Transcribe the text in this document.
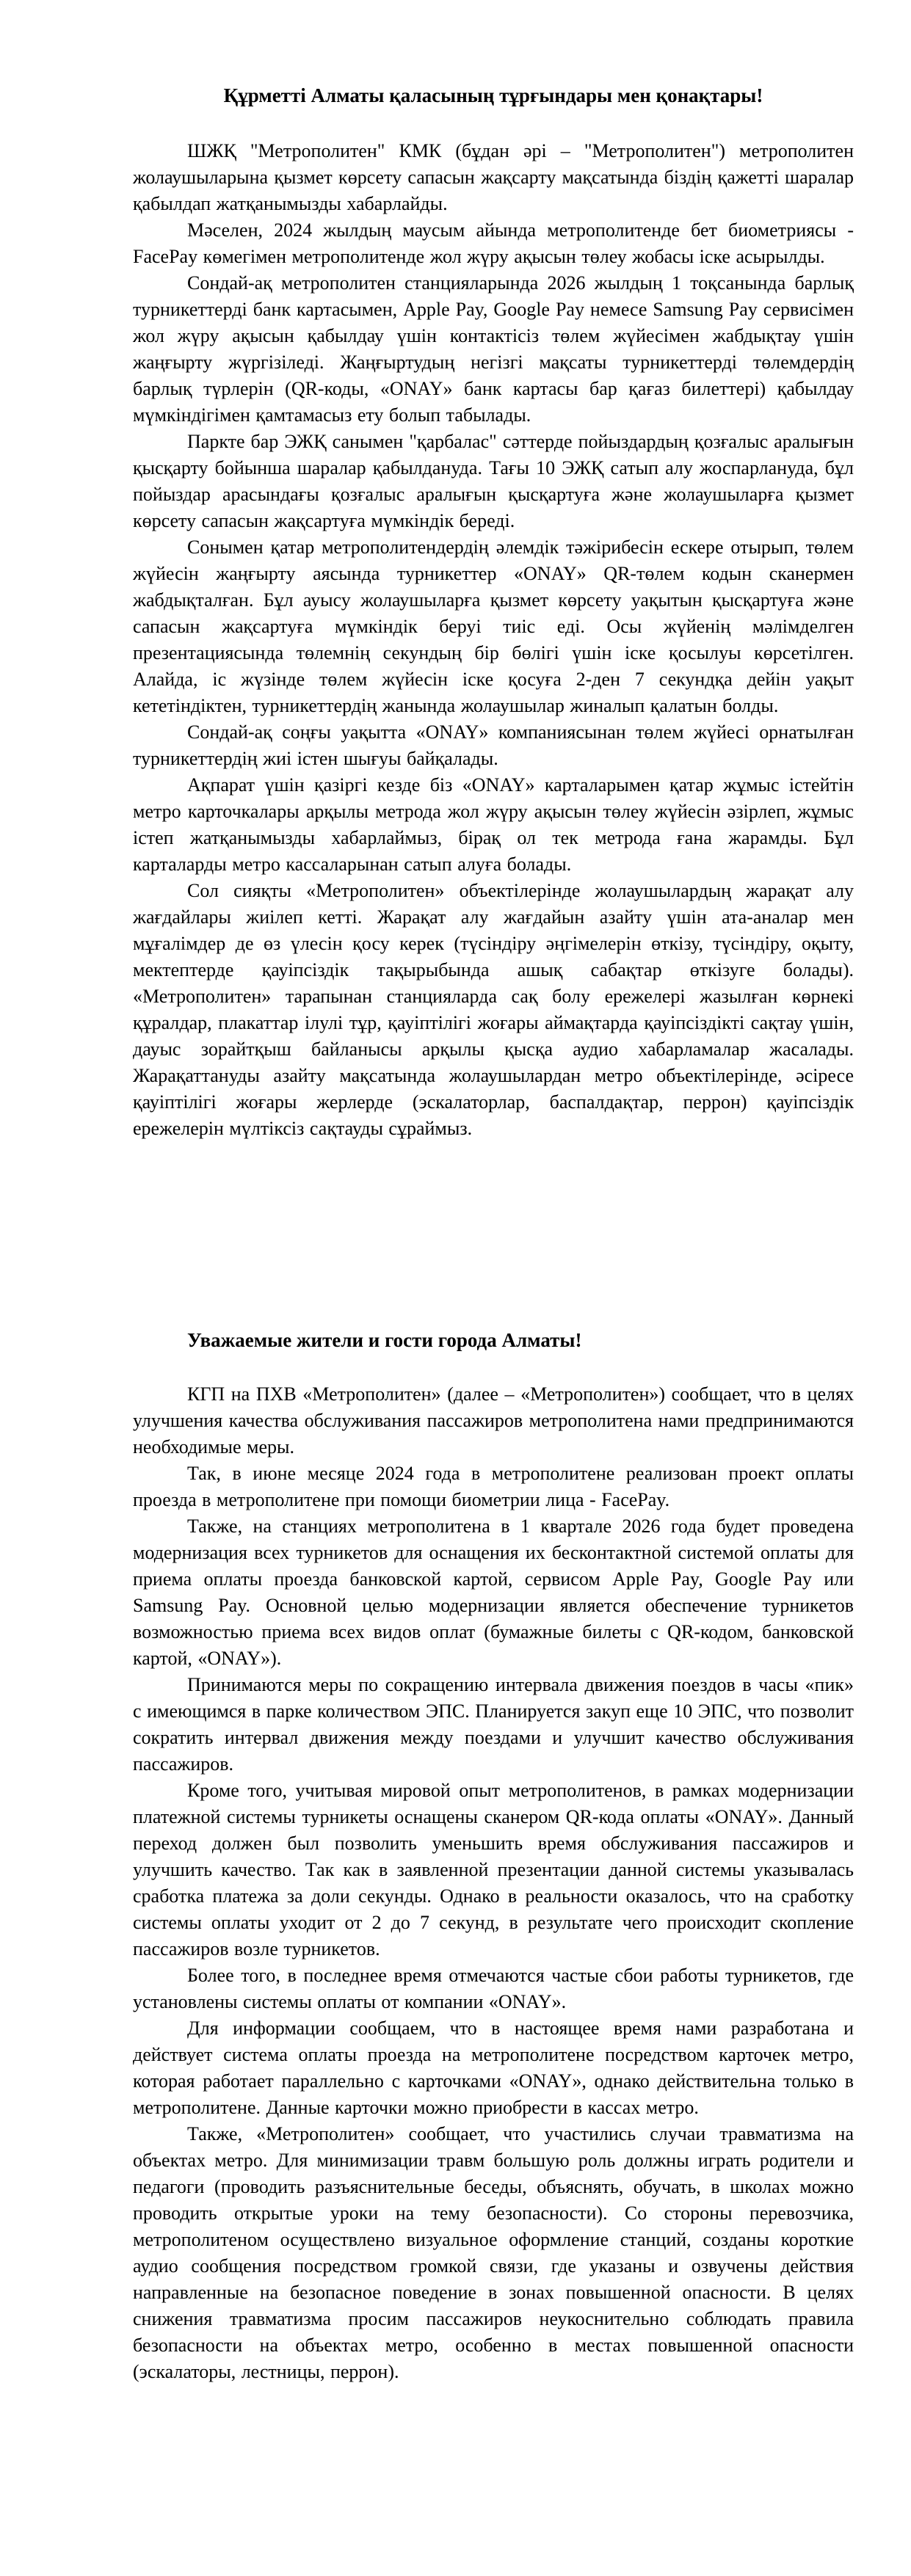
Құрметті Алматы қаласының тұрғындары мен қонақтары!

ШЖҚ "Метрополитен" КМК (бұдан әрі – "Метрополитен") метрополитен жолаушыларына қызмет көрсету сапасын жақсарту мақсатында біздің қажетті шаралар қабылдап жатқанымызды хабарлайды.

Мәселен, 2024 жылдың маусым айында метрополитенде бет биометриясы - FacePay көмегімен метрополитенде жол жүру ақысын төлеу жобасы іске асырылды.

Сондай-ақ метрополитен станцияларында 2026 жылдың 1 тоқсанында барлық турникеттерді банк картасымен, Apple Pay, Google Pay немесе Samsung Pay сервисімен жол жүру ақысын қабылдау үшін контактісіз төлем жүйесімен жабдықтау үшін жаңғырту жүргізіледі. Жаңғыртудың негізгі мақсаты турникеттерді төлемдердің барлық түрлерін (QR-коды, «ONAY» банк картасы бар қағаз билеттері) қабылдау мүмкіндігімен қамтамасыз ету болып табылады.

Паркте бар ЭЖҚ санымен "қарбалас" сәттерде пойыздардың қозғалыс аралығын қысқарту бойынша шаралар қабылдануда. Тағы 10 ЭЖҚ сатып алу жоспарлануда, бұл пойыздар арасындағы қозғалыс аралығын қысқартуға және жолаушыларға қызмет көрсету сапасын жақсартуға мүмкіндік береді.

Сонымен қатар метрополитендердің әлемдік тәжірибесін ескере отырып, төлем жүйесін жаңғырту аясында турникеттер «ONAY» QR-төлем кодын сканермен жабдықталған. Бұл ауысу жолаушыларға қызмет көрсету уақытын қысқартуға және сапасын жақсартуға мүмкіндік беруі тиіс еді. Осы жүйенің мәлімделген презентациясында төлемнің секундың бір бөлігі үшін іске қосылуы көрсетілген. Алайда, іс жүзінде төлем жүйесін іске қосуға 2-ден 7 секундқа дейін уақыт кететіндіктен, турникеттердің жанында жолаушылар жиналып қалатын болды.

Сондай-ақ соңғы уақытта «ONAY» компаниясынан төлем жүйесі орнатылған турникеттердің жиі істен шығуы байқалады.

Ақпарат үшін қазіргі кезде біз «ONAY» карталарымен қатар жұмыс істейтін метро карточкалары арқылы метрода жол жүру ақысын төлеу жүйесін әзірлеп, жұмыс істеп жатқанымызды хабарлаймыз, бірақ ол тек метрода ғана жарамды. Бұл карталарды метро кассаларынан сатып алуға болады.

Сол сияқты «Метрополитен» объектілерінде жолаушылардың жарақат алу жағдайлары жиілеп кетті. Жарақат алу жағдайын азайту үшін ата-аналар мен мұғалімдер де өз үлесін қосу керек (түсіндіру әңгімелерін өткізу, түсіндіру, оқыту, мектептерде қауіпсіздік тақырыбында ашық сабақтар өткізуге болады). «Метрополитен» тарапынан станцияларда сақ болу ережелері жазылған көрнекі құралдар, плакаттар ілулі тұр, қауіптілігі жоғары аймақтарда қауіпсіздікті сақтау үшін, дауыс зорайтқыш байланысы арқылы қысқа аудио хабарламалар жасалады. Жарақаттануды азайту мақсатында жолаушылардан метро объектілерінде, әсіресе қауіптілігі жоғары жерлерде (эскалаторлар, баспалдақтар, перрон) қауіпсіздік ережелерін мүлтіксіз сақтауды сұраймыз.

Уважаемые жители и гости города Алматы!

КГП на ПХВ «Метрополитен» (далее – «Метрополитен») сообщает, что в целях улучшения качества обслуживания пассажиров метрополитена нами предпринимаются необходимые меры.

Так, в июне месяце 2024 года в метрополитене реализован проект оплаты проезда в метрополитене при помощи биометрии лица - FacePay.

Также, на станциях метрополитена в 1 квартале 2026 года будет проведена модернизация всех турникетов для оснащения их бесконтактной системой оплаты для приема оплаты проезда банковской картой, сервисом Apple Pay, Google Pay или Samsung Pay. Основной целью модернизации является обеспечение турникетов возможностью приема всех видов оплат (бумажные билеты с QR-кодом, банковской картой, «ONAY»).

Принимаются меры по сокращению интервала движения поездов в часы «пик» с имеющимся в парке количеством ЭПС. Планируется закуп еще 10 ЭПС, что позволит сократить интервал движения между поездами и улучшит качество обслуживания пассажиров.

Кроме того, учитывая мировой опыт метрополитенов, в рамках модернизации платежной системы турникеты оснащены сканером QR-кода оплаты «ONAY». Данный переход должен был позволить уменьшить время обслуживания пассажиров и улучшить качество. Так как в заявленной презентации данной системы указывалась сработка платежа за доли секунды. Однако в реальности оказалось, что на сработку системы оплаты уходит от 2 до 7 секунд, в результате чего происходит скопление пассажиров возле турникетов.

Более того, в последнее время отмечаются частые сбои работы турникетов, где установлены системы оплаты от компании «ONAY».

Для информации сообщаем, что в настоящее время нами разработана и действует система оплаты проезда на метрополитене посредством карточек метро, которая работает параллельно с карточками «ONAY», однако действительна только в метрополитене. Данные карточки можно приобрести в кассах метро.

Также, «Метрополитен» сообщает, что участились случаи травматизма на объектах метро. Для минимизации травм большую роль должны играть родители и педагоги (проводить разъяснительные беседы, объяснять, обучать, в школах можно проводить открытые уроки на тему безопасности). Со стороны перевозчика, метрополитеном осуществлено визуальное оформление станций, созданы короткие аудио сообщения посредством громкой связи, где указаны и озвучены действия направленные на безопасное поведение в зонах повышенной опасности. В целях снижения травматизма просим пассажиров неукоснительно соблюдать правила безопасности на объектах метро, особенно в местах повышенной опасности (эскалаторы, лестницы, перрон).
